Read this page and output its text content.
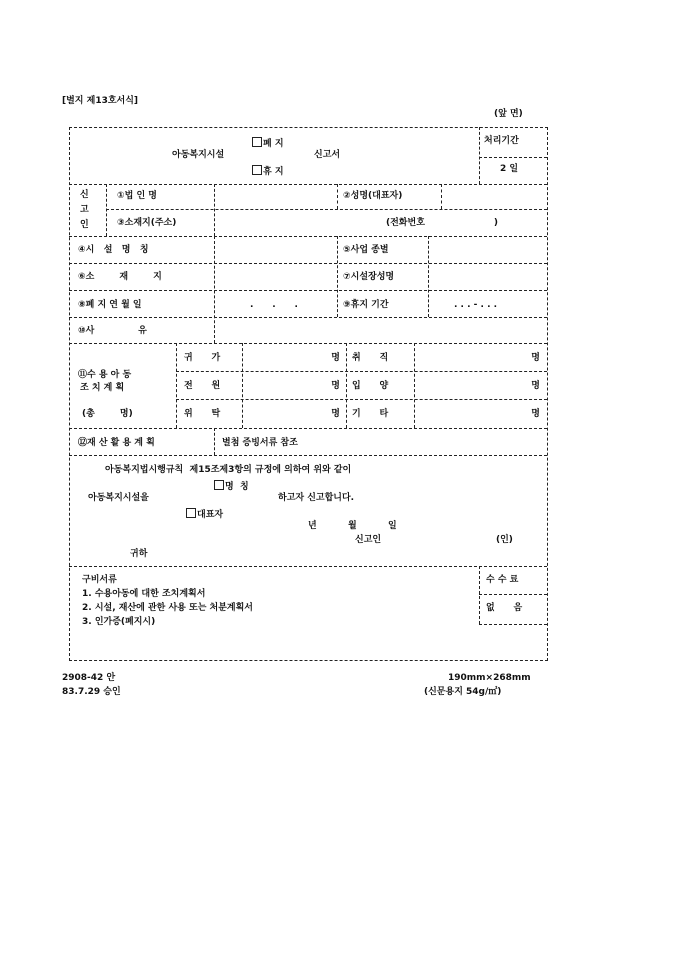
[별지 제13호서식]
(앞 면)
폐 지
아동복지시설	신고서
휴 지
처리기간
2 일
신
고
인
①법 인 명	②성명(대표자)
③소재지(주소)	(전화번호                      )
④시   설   명   칭	⑤사업 종별
⑥소        재        지	⑦시설장성명
⑧폐 지 연 월 일	.      .      .	⑨휴지 기간	. . . - . . .
⑩사              유
⑪수 용 아 동
조 치 계 획
(총        명)
귀      가	명 취      직	명
전      원	명 입      양	명
위      탁	명 기      타	명
⑫재 산 활 용 계 획	별첨 증빙서류 참조
아동복지법시행규칙  제15조제3항의 규정에 의하여 위와 같이
명  칭
아동복지시설을	하고자 신고합니다.
대표자
년          월          일
신고인	(인)
귀하
구비서류
1. 수용아동에 대한 조치계획서
2. 시설, 재산에 관한 사용 또는 처분계획서
3. 인가증(폐지시)
수 수 료
없      음
2908-42 안
83.7.29 승인
190mm×268mm
(신문용지 54g/㎡)
